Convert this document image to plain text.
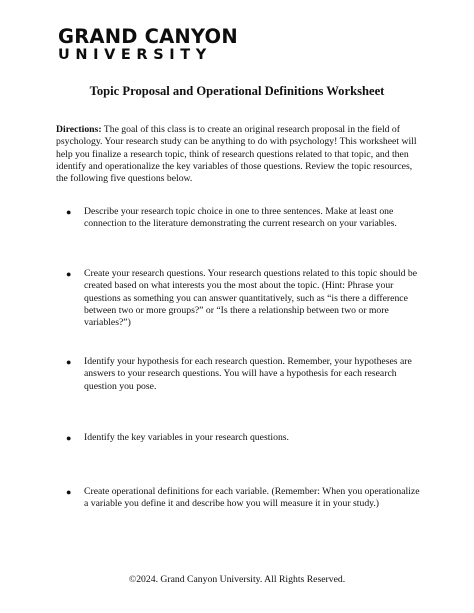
GRAND CANYON
UNIVERSITY
Topic Proposal and Operational Definitions Worksheet
Directions: The goal of this class is to create an original research proposal in the field of psychology. Your research study can be anything to do with psychology! This worksheet will help you finalize a research topic, think of research questions related to that topic, and then identify and operationalize the key variables of those questions. Review the topic resources, the following five questions below.
●	Describe your research topic choice in one to three sentences. Make at least one connection to the literature demonstrating the current research on your variables.
●	Create your research questions. Your research questions related to this topic should be created based on what interests you the most about the topic. (Hint: Phrase your questions as something you can answer quantitatively, such as “is there a difference between two or more groups?” or “Is there a relationship between two or more variables?”)
●	Identify your hypothesis for each research question. Remember, your hypotheses are answers to your research questions. You will have a hypothesis for each research question you pose.
●	Identify the key variables in your research questions.
●	Create operational definitions for each variable. (Remember: When you operationalize a variable you define it and describe how you will measure it in your study.)
©2024. Grand Canyon University. All Rights Reserved.
